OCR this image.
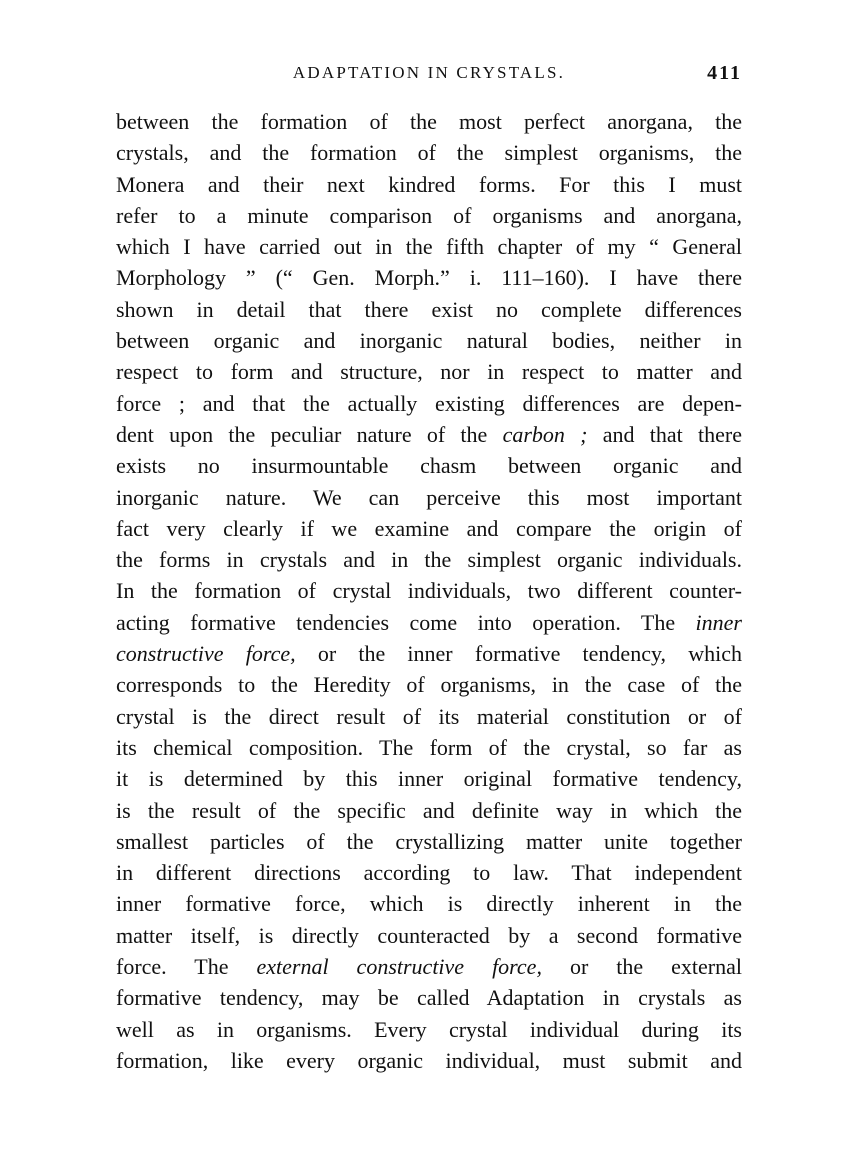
ADAPTATION IN CRYSTALS.	411
between the formation of the most perfect anorgana, the
crystals, and the formation of the simplest organisms, the
Monera and their next kindred forms. For this I must
refer to a minute comparison of organisms and anorgana,
which I have carried out in the fifth chapter of my “ General
Morphology ” (“ Gen. Morph.” i. 111–160). I have there
shown in detail that there exist no complete differences
between organic and inorganic natural bodies, neither in
respect to form and structure, nor in respect to matter and
force ; and that the actually existing differences are depen-
dent upon the peculiar nature of the carbon ; and that there
exists no insurmountable chasm between organic and
inorganic nature. We can perceive this most important
fact very clearly if we examine and compare the origin of
the forms in crystals and in the simplest organic individuals.
In the formation of crystal individuals, two different counter-
acting formative tendencies come into operation. The inner
constructive force, or the inner formative tendency, which
corresponds to the Heredity of organisms, in the case of the
crystal is the direct result of its material constitution or of
its chemical composition. The form of the crystal, so far as
it is determined by this inner original formative tendency,
is the result of the specific and definite way in which the
smallest particles of the crystallizing matter unite together
in different directions according to law. That independent
inner formative force, which is directly inherent in the
matter itself, is directly counteracted by a second formative
force. The external constructive force, or the external
formative tendency, may be called Adaptation in crystals as
well as in organisms. Every crystal individual during its
formation, like every organic individual, must submit and
